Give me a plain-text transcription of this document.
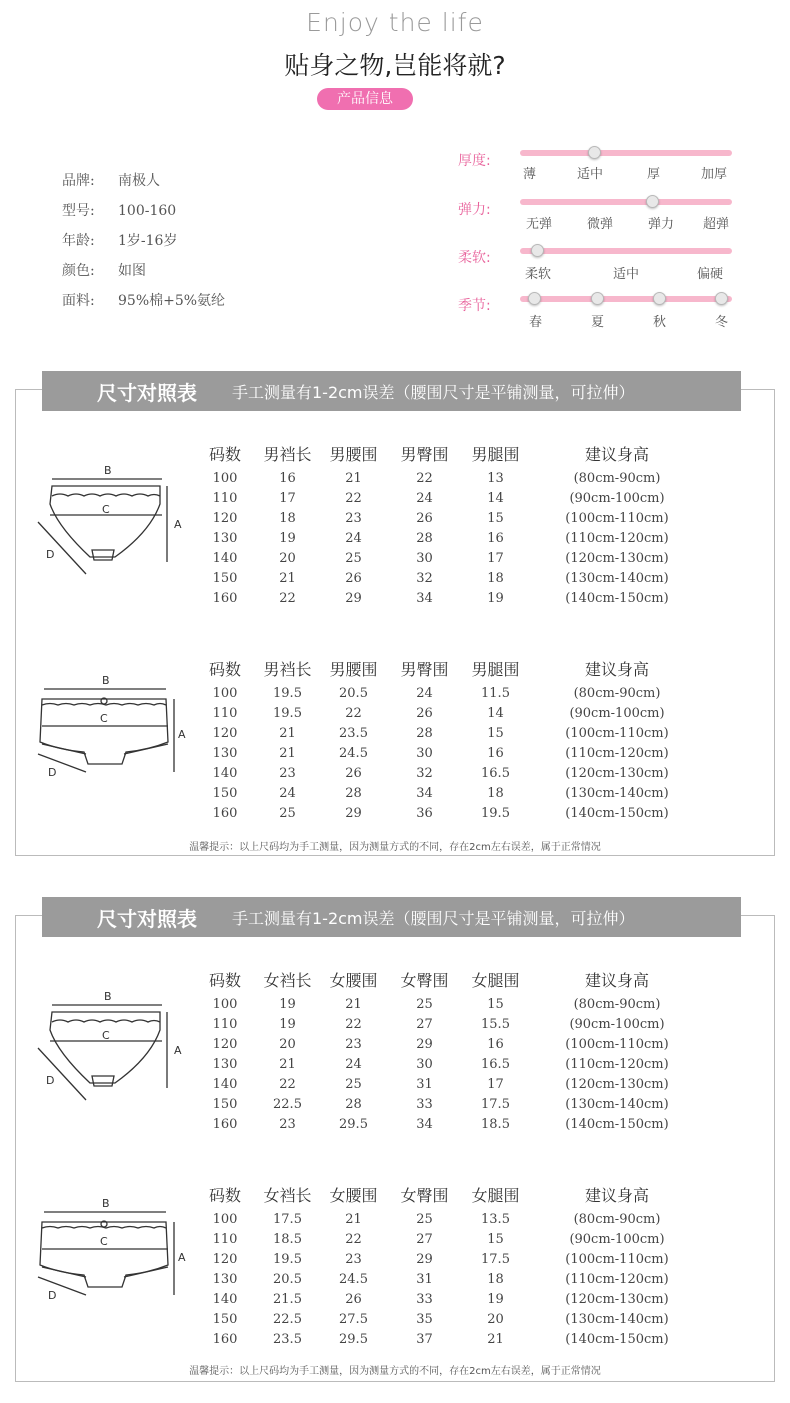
Enjoy the life
贴身之物,岂能将就?
产品信息
品牌: 南极人
型号: 100-160
年龄: 1岁-16岁
颜色: 如图
面料: 95%棉+5%氨纶
厚度:
薄	适中	厚	加厚
弹力:
无弹	微弹	弹力 超弹
柔软:
柔软	适中	偏硬
季节:
春	夏	秋	冬
尺寸对照表 手工测量有1-2cm误差（腰围尺寸是平铺测量，可拉伸）
B
C
A
D
码数	男裆长	男腰围	男臀围	男腿围	建议身高
100	16	21	22	13	(80cm-90cm)
110	17	22	24	14	(90cm-100cm)
120	18	23	26	15	(100cm-110cm)
130	19	24	28	16	(110cm-120cm)
140	20	25	30	17	(120cm-130cm)
150	21	26	32	18	(130cm-140cm)
160	22	29	34	19	(140cm-150cm)
B
C
A
D
码数	男裆长	男腰围	男臀围	男腿围	建议身高
100	19.5	20.5	24	11.5	(80cm-90cm)
110	19.5	22	26	14	(90cm-100cm)
120	21	23.5	28	15	(100cm-110cm)
130	21	24.5	30	16	(110cm-120cm)
140	23	26	32	16.5	(120cm-130cm)
150	24	28	34	18	(130cm-140cm)
160	25	29	36	19.5	(140cm-150cm)
温馨提示：以上尺码均为手工测量，因为测量方式的不同，存在2cm左右误差，属于正常情况
尺寸对照表 手工测量有1-2cm误差（腰围尺寸是平铺测量，可拉伸）
B
C
A
D
码数	女裆长	女腰围	女臀围	女腿围	建议身高
100	19	21	25	15	(80cm-90cm)
110	19	22	27	15.5	(90cm-100cm)
120	20	23	29	16	(100cm-110cm)
130	21	24	30	16.5	(110cm-120cm)
140	22	25	31	17	(120cm-130cm)
150	22.5	28	33	17.5	(130cm-140cm)
160	23	29.5	34	18.5	(140cm-150cm)
B
C
A
D
码数	女裆长	女腰围	女臀围	女腿围	建议身高
100	17.5	21	25	13.5	(80cm-90cm)
110	18.5	22	27	15	(90cm-100cm)
120	19.5	23	29	17.5	(100cm-110cm)
130	20.5	24.5	31	18	(110cm-120cm)
140	21.5	26	33	19	(120cm-130cm)
150	22.5	27.5	35	20	(130cm-140cm)
160	23.5	29.5	37	21	(140cm-150cm)
温馨提示：以上尺码均为手工测量，因为测量方式的不同，存在2cm左右误差，属于正常情况
